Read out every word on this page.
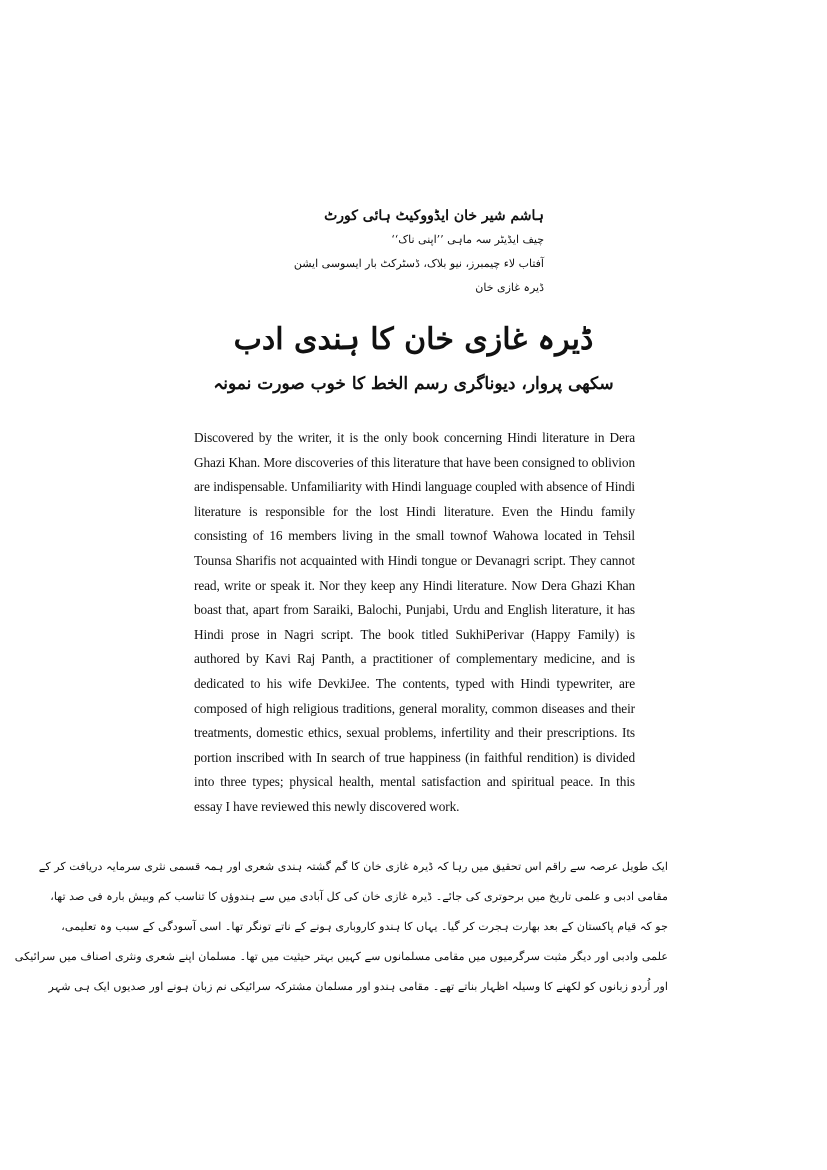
ہاشم شیر خان ایڈووکیٹ ہائی کورٹ
چیف ایڈیٹر سہ ماہی ’’اپنی ناک‘‘
آفتاب لاء چیمبرز، نیو بلاک، ڈسٹرکٹ بار ایسوسی ایشن
ڈیرہ غازی خان
ڈیرہ غازی خان کا ہندی ادب
سکھی پروار، دیوناگری رسم الخط کا خوب صورت نمونہ

Discovered by the writer, it is the only book concerning Hindi literature in Dera Ghazi Khan. More discoveries of this literature that have been consigned to oblivion are indispensable. Unfamiliarity with Hindi language coupled with absence of Hindi literature is responsible for the lost Hindi literature. Even the Hindu family consisting of 16 members living in the small townof Wahowa located in Tehsil Tounsa Sharifis not acquainted with Hindi tongue or Devanagri script. They cannot read, write or speak it. Nor they keep any Hindi literature. Now Dera Ghazi Khan boast that, apart from Saraiki, Balochi, Punjabi, Urdu and English literature, it has Hindi prose in Nagri script. The book titled SukhiPerivar (Happy Family) is authored by Kavi Raj Panth, a practitioner of complementary medicine, and is dedicated to his wife DevkiJee. The contents, typed with Hindi typewriter, are composed of high religious traditions, general morality, common diseases and their treatments, domestic ethics, sexual problems, infertility and their prescriptions. Its portion inscribed with In search of true happiness (in faithful rendition) is divided into three types; physical health, mental satisfaction and spiritual peace. In this essay I have reviewed this newly discovered work.

ایک طویل عرصہ سے راقم اس تحقیق میں رہا کہ ڈیرہ غازی خان کا گم گشتہ ہندی شعری اور ہمہ قسمی نثری سرمایہ دریافت کر کے
مقامی ادبی و علمی تاریخ میں برحوتری کی جائے۔ ڈیرہ غازی خان کی کل آبادی میں سے ہندوؤں کا تناسب کم وبیش بارہ فی صد تھا،
جو کہ قیام پاکستان کے بعد بھارت ہجرت کر گیا۔ یہاں کا ہندو کاروباری ہونے کے ناتے تونگر تھا۔ اسی آسودگی کے سبب وہ تعلیمی،
علمی وادبی اور دیگر مثبت سرگرمیوں میں مقامی مسلمانوں سے کہیں بہتر حیثیت میں تھا۔ مسلمان اپنے شعری ونثری اصناف میں سرائیکی
اور اُردو زبانوں کو لکھنے کا وسیلہ اظہار بناتے تھے۔ مقامی ہندو اور مسلمان مشترکہ سرائیکی نم زبان ہونے اور صدیوں ایک ہی شہر
